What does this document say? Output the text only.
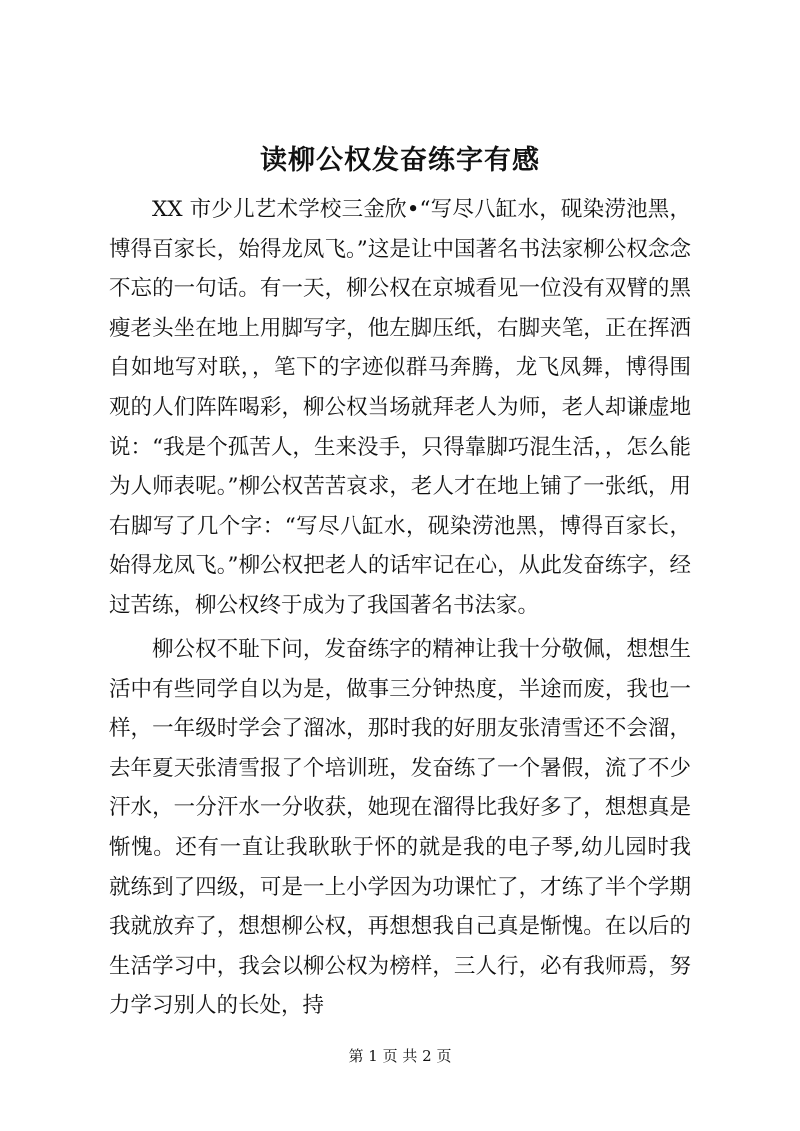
读柳公权发奋练字有感

XX 市少儿艺术学校三金欣•“写尽八缸水，砚染涝池黑，博得百家长，始得龙凤飞。”这是让中国著名书法家柳公权念念不忘的一句话。有一天，柳公权在京城看见一位没有双臂的黑瘦老头坐在地上用脚写字，他左脚压纸，右脚夹笔，正在挥洒自如地写对联，，笔下的字迹似群马奔腾，龙飞凤舞，博得围观的人们阵阵喝彩，柳公权当场就拜老人为师，老人却谦虚地说：“我是个孤苦人，生来没手，只得靠脚巧混生活，，怎么能为人师表呢。”柳公权苦苦哀求，老人才在地上铺了一张纸，用右脚写了几个字：“写尽八缸水，砚染涝池黑，博得百家长，始得龙凤飞。”柳公权把老人的话牢记在心，从此发奋练字，经过苦练，柳公权终于成为了我国著名书法家。

柳公权不耻下问，发奋练字的精神让我十分敬佩，想想生活中有些同学自以为是，做事三分钟热度，半途而废，我也一样，一年级时学会了溜冰，那时我的好朋友张清雪还不会溜，去年夏天张清雪报了个培训班，发奋练了一个暑假，流了不少汗水，一分汗水一分收获，她现在溜得比我好多了，想想真是惭愧。还有一直让我耿耿于怀的就是我的电子琴,幼儿园时我就练到了四级，可是一上小学因为功课忙了，才练了半个学期我就放弃了，想想柳公权，再想想我自己真是惭愧。在以后的生活学习中，我会以柳公权为榜样，三人行，必有我师焉，努力学习别人的长处，持

第 1 页 共 2 页
